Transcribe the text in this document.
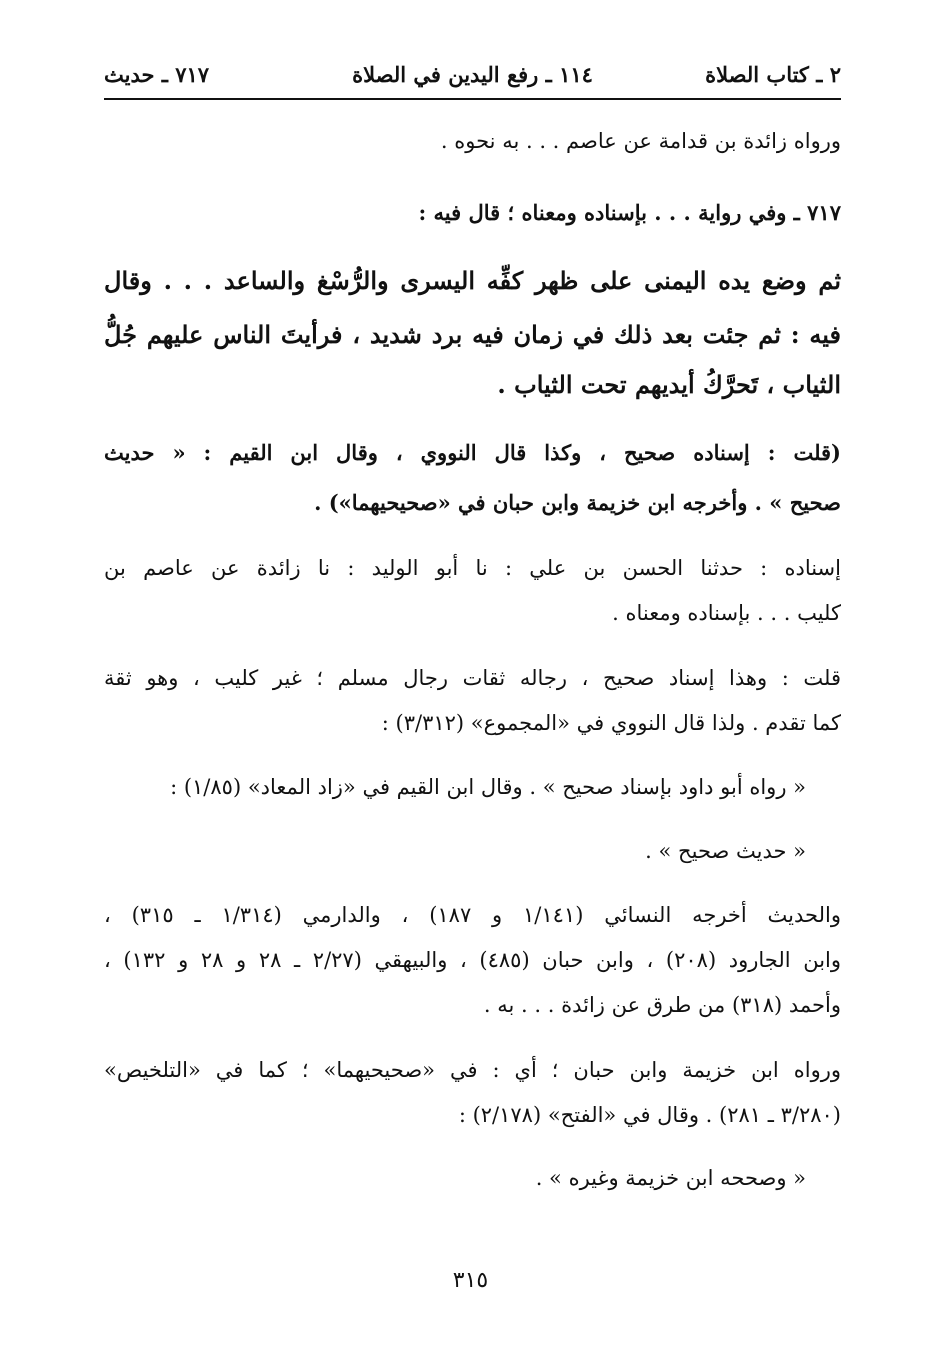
٢ ـ كتاب الصلاة
١١٤ ـ رفع اليدين في الصلاة
٧١٧ ـ حديث
ورواه زائدة بن قدامة عن عاصم . . . به نحوه .
٧١٧ ـ وفي رواية . . . بإسناده ومعناه ؛ قال فيه :
ثم وضع يده اليمنى على ظهر كفِّه اليسرى والرُّسْغ والساعد . . . وقال
فيه : ثم جئت بعد ذلك في زمان فيه برد شديد ، فرأيتَ الناس عليهم جُلُّ
الثياب ، تَحرَّكُ أيديهم تحت الثياب .
(قلت : إسناده صحيح ، وكذا قال النووي ، وقال ابن القيم : « حديث
صحيح » . وأخرجه ابن خزيمة وابن حبان في «صحيحيهما») .
إسناده : حدثنا الحسن بن علي : نا أبو الوليد : نا زائدة عن عاصم بن
كليب . . . بإسناده ومعناه .
قلت : وهذا إسناد صحيح ، رجاله ثقات رجال مسلم ؛ غير كليب ، وهو ثقة
كما تقدم . ولذا قال النووي في «المجموع» (٣/٣١٢) :
« رواه أبو داود بإسناد صحيح » . وقال ابن القيم في «زاد المعاد» (١/٨٥) :
« حديث صحيح » .
والحديث أخرجه النسائي (١/١٤١ و ١٨٧) ، والدارمي (١/٣١٤ ـ ٣١٥) ،
وابن الجارود (٢٠٨) ، وابن حبان (٤٨٥) ، والبيهقي (٢/٢٧ ـ ٢٨ و ٢٨ و ١٣٢) ،
وأحمد (٣١٨) من طرق عن زائدة . . . به .
ورواه ابن خزيمة وابن حبان ؛ أي : في «صحيحيهما» ؛ كما في «التلخيص»
(٣/٢٨٠ ـ ٢٨١) . وقال في «الفتح» (٢/١٧٨) :
« وصححه ابن خزيمة وغيره » .
٣١٥
